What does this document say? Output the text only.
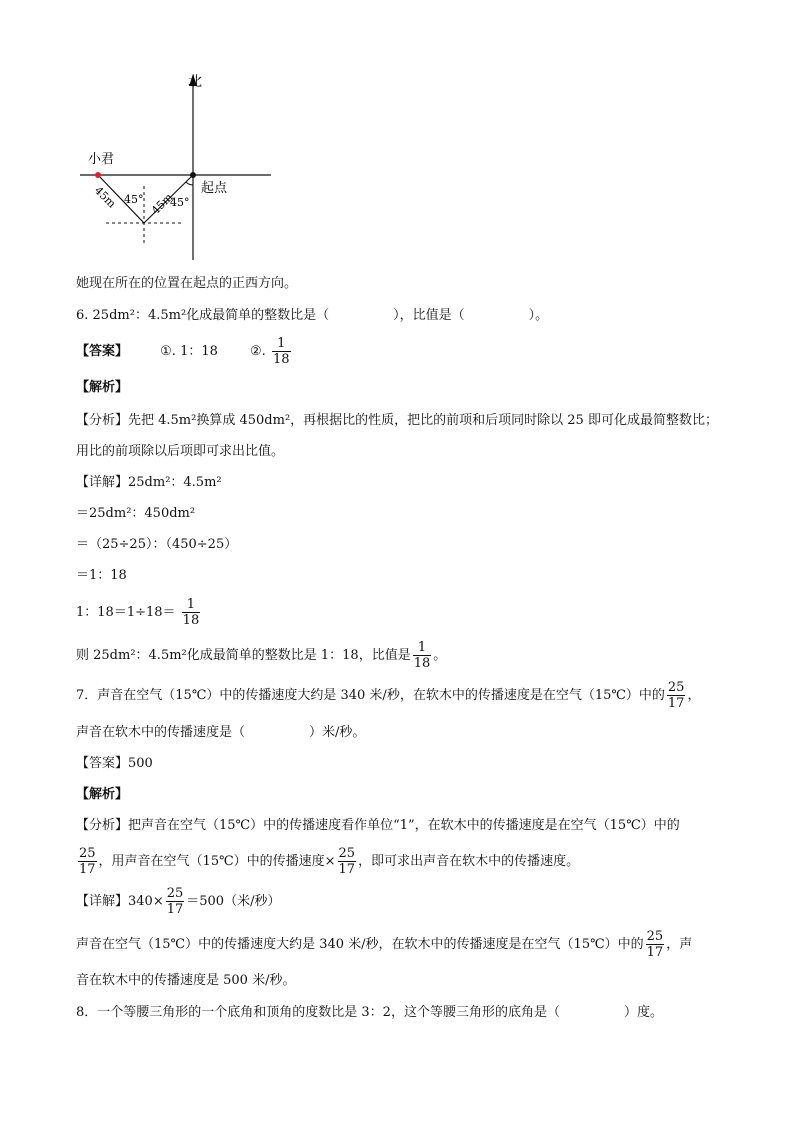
北
小君
起点
45m	45m
45° 45°
她现在所在的位置在起点的正西方向。
6. 25dm²：4.5m²化成最简单的整数比是（	），比值是（	）。
【答案】 ①. 1：18 ②. $\frac{1}{18}$
【解析】
【分析】先把 4.5m²换算成 450dm²，再根据比的性质，把比的前项和后项同时除以 25 即可化成最简整数比；
用比的前项除以后项即可求出比值。
【详解】25dm²：4.5m²
＝25dm²：450dm²
＝（25÷25）：（450÷25）
＝1：18
1：$18=1\div 18= \frac{1}{18}$
则 25dm²：4.5m²化成最简单的整数比是 1：18，比值是 $\frac{1}{18}$ 。
7．声音在空气（15℃）中的传播速度大约是 340 米/秒，在软木中的传播速度是在空气（15℃）中的 $\frac{25}{17}$ ，
声音在软木中的传播速度是（	）米/秒。
【答案】500
【解析】
【分析】把声音在空气（15℃）中的传播速度看作单位“1”，在软木中的传播速度是在空气（15℃）中的
$\frac{25}{17}$ ，用声音在空气（15℃）中的传播速度× $\frac{25}{17}$ ，即可求出声音在软木中的传播速度。
【详解】$340\times \frac{25}{17} =500$（米/秒）
声音在空气（15℃）中的传播速度大约是 340 米/秒，在软木中的传播速度是在空气（15℃）中的 $\frac{25}{17}$ ，声
音在软木中的传播速度是 500 米/秒。
8．一个等腰三角形的一个底角和顶角的度数比是 3：2，这个等腰三角形的底角是（	）度。
